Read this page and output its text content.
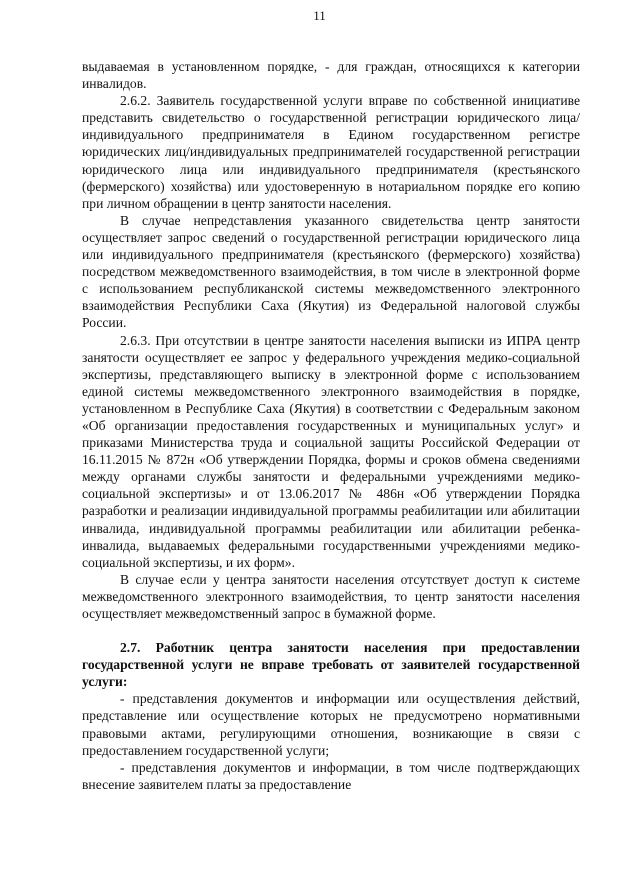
11

выдаваемая в установленном порядке, - для граждан, относящихся к категории инвалидов.

2.6.2. Заявитель государственной услуги вправе по собственной инициативе представить свидетельство о государственной регистрации юридического лица/индивидуального предпринимателя в Едином государственном регистре юридических лиц/индивидуальных предпринимателей государственной регистрации юридического лица или индивидуального предпринимателя (крестьянского (фермерского) хозяйства) или удостоверенную в нотариальном порядке его копию при личном обращении в центр занятости населения.

В случае непредставления указанного свидетельства центр занятости осуществляет запрос сведений о государственной регистрации юридического лица или индивидуального предпринимателя (крестьянского (фермерского) хозяйства) посредством межведомственного взаимодействия, в том числе в электронной форме с использованием республиканской системы межведомственного электронного взаимодействия Республики Саха (Якутия) из Федеральной налоговой службы России.

2.6.3. При отсутствии в центре занятости населения выписки из ИПРА центр занятости осуществляет ее запрос у федерального учреждения медико-социальной экспертизы, представляющего выписку в электронной форме с использованием единой системы межведомственного электронного взаимодействия в порядке, установленном в Республике Саха (Якутия) в соответствии с Федеральным законом «Об организации предоставления государственных и муниципальных услуг» и приказами Министерства труда и социальной защиты Российской Федерации от 16.11.2015 № 872н «Об утверждении Порядка, формы и сроков обмена сведениями между органами службы занятости и федеральными учреждениями медико-социальной экспертизы» и от 13.06.2017 № 486н «Об утверждении Порядка разработки и реализации индивидуальной программы реабилитации или абилитации инвалида, индивидуальной программы реабилитации или абилитации ребенка-инвалида, выдаваемых федеральными государственными учреждениями медико-социальной экспертизы, и их форм».

В случае если у центра занятости населения отсутствует доступ к системе межведомственного электронного взаимодействия, то центр занятости населения осуществляет межведомственный запрос в бумажной форме.

2.7. Работник центра занятости населения при предоставлении государственной услуги не вправе требовать от заявителей государственной услуги:

- представления документов и информации или осуществления действий, представление или осуществление которых не предусмотрено нормативными правовыми актами, регулирующими отношения, возникающие в связи с предоставлением государственной услуги;

- представления документов и информации, в том числе подтверждающих внесение заявителем платы за предоставление
